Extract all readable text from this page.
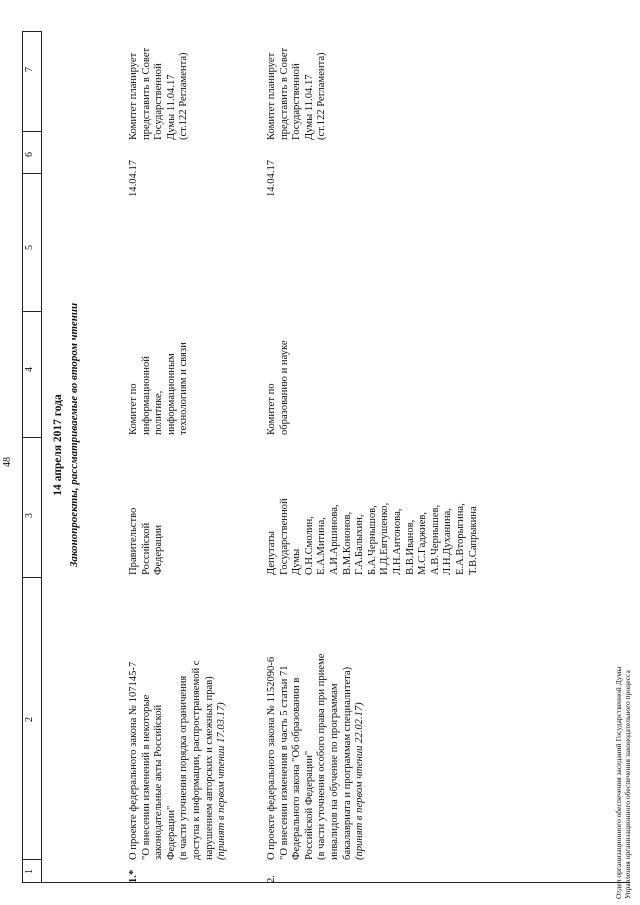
48
1
2
3
4
5
6
7
14 апреля 2017 года Законопроекты, рассматриваемые во втором чтении
1.*
О проекте федерального закона № 107145-7
"О внесении изменений в некоторые
законодательные акты Российской
Федерации" (в части уточнения порядка ограничения
доступа к информации, распространяемой с
нарушением авторских и смежных прав)
(принят в первом чтении 17.03.17)
Правительство
Российской
Федерации
Комитет по
информационной
политике,
информационным
технологиям и связи
14.04.17
Комитет планирует
представить в Совет
Государственной
Думы 11.04.17
(ст.122 Регламента)
2.
О проекте федерального закона № 1152090-6
"О внесении изменения в часть 5 статьи 71
Федерального закона "Об образовании в
Российской Федерации"
(в части уточнения особого права при приеме
инвалидов на обучение по программам
бакалавриата и программам специалитета)
(принят в первом чтении 22.02.17)
Депутаты
Государственной
Думы
О.Н.Смолин,
Е.А.Митина,
А.И.Аршинова,
В.М.Кононов,
Г.А.Балыхин,
Б.А.Чернышов,
И.Д.Евтушенко,
Л.Н.Антонова,
В.В.Иванов,
М.С.Гаджиев,
А.В.Чернышев,
Л.Н.Духанина,
Е.А.Вторыгина,
Т.В.Сапрыкина
Комитет по
образованию и науке
14.04.17
Комитет планирует
представить в Совет
Государственной
Думы 11.04.17
(ст.122 Регламента)
Отдел организационного обеспечения заседаний Государственной Думы Управления организационного обеспечения законодательного процесса
